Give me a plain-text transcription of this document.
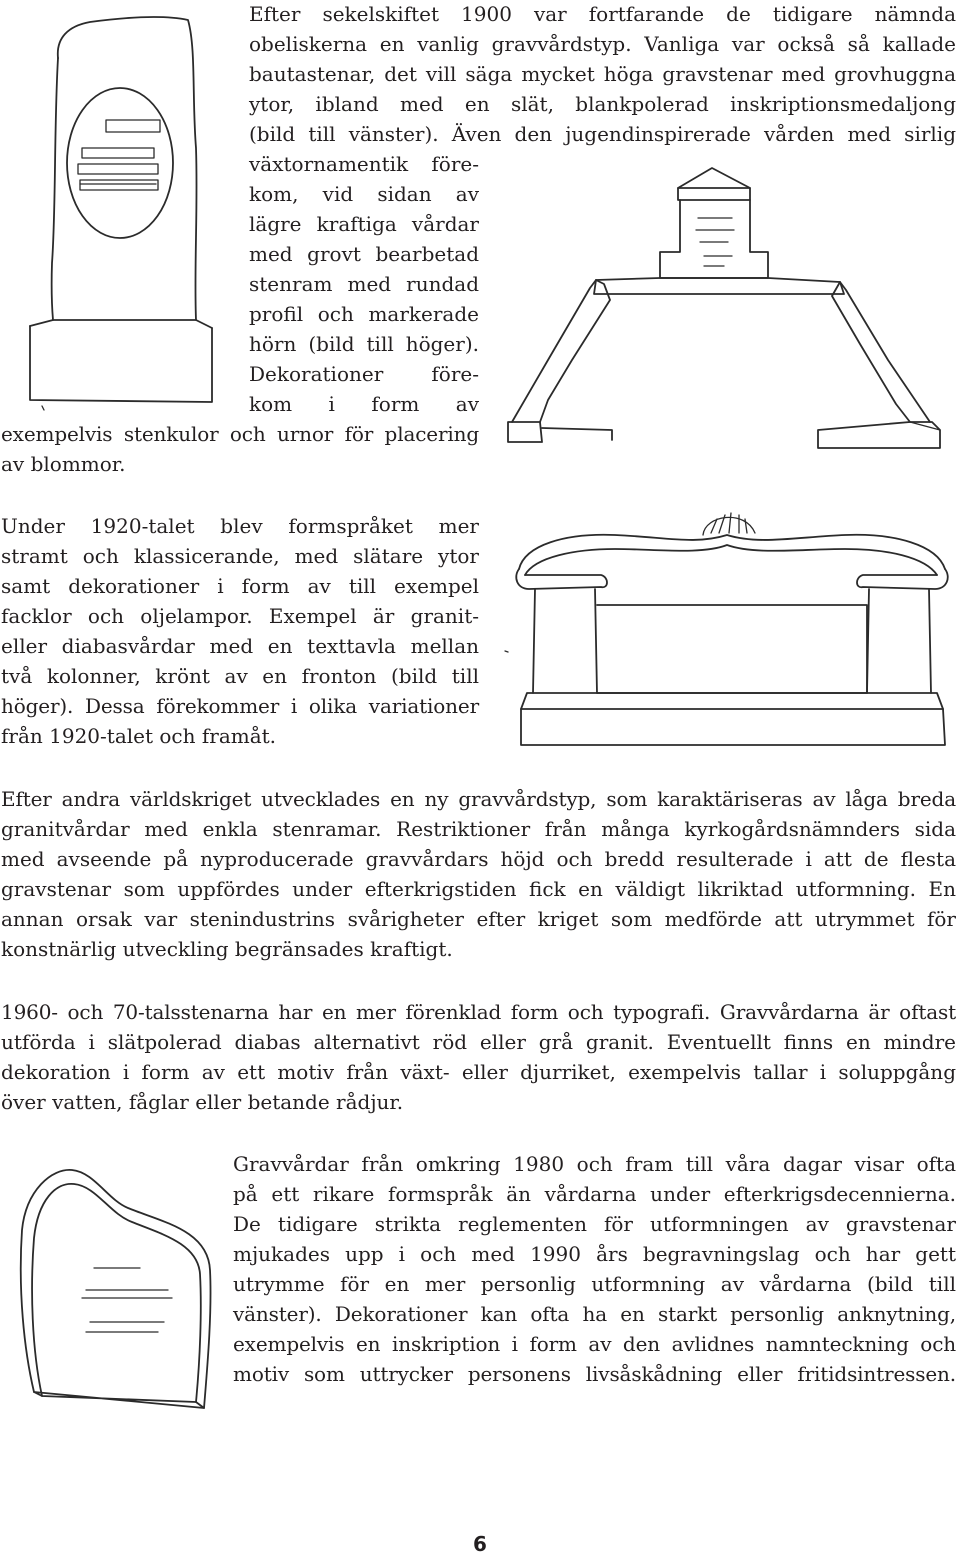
Efter sekelskiftet 1900 var fortfarande de tidigare nämnda

obeliskerna en vanlig gravvårdstyp. Vanliga var också så kallade

bautastenar, det vill säga mycket höga gravstenar med grovhuggna

ytor, ibland med en slät, blankpolerad inskriptionsmedaljong

(bild till vänster). Även den jugendinspirerade vården med sirlig

växtornamentik före-

kom, vid sidan av

lägre kraftiga vårdar

med grovt bearbetad

stenram med rundad

profil och markerade

hörn (bild till höger).

Dekorationer före-

kom i form av

exempelvis stenkulor och urnor för placering

av blommor.

Under 1920-talet blev formspråket mer

stramt och klassicerande, med slätare ytor

samt dekorationer i form av till exempel

facklor och oljelampor. Exempel är granit-

eller diabasvårdar med en texttavla mellan

två kolonner, krönt av en fronton (bild till

höger). Dessa förekommer i olika variationer

från 1920-talet och framåt.

Efter andra världskriget utvecklades en ny gravvårdstyp, som karaktäriseras av låga breda

granitvårdar med enkla stenramar. Restriktioner från många kyrkogårdsnämnders sida

med avseende på nyproducerade gravvårdars höjd och bredd resulterade i att de flesta

gravstenar som uppfördes under efterkrigstiden fick en väldigt likriktad utformning. En

annan orsak var stenindustrins svårigheter efter kriget som medförde att utrymmet för

konstnärlig utveckling begränsades kraftigt.

1960- och 70-talsstenarna har en mer förenklad form och typografi. Gravvårdarna är oftast

utförda i slätpolerad diabas alternativt röd eller grå granit. Eventuellt finns en mindre

dekoration i form av ett motiv från växt- eller djurriket, exempelvis tallar i soluppgång

över vatten, fåglar eller betande rådjur.

Gravvårdar från omkring 1980 och fram till våra dagar visar ofta

på ett rikare formspråk än vårdarna under efterkrigsdecennierna.

De tidigare strikta reglementen för utformningen av gravstenar

mjukades upp i och med 1990 års begravningslag och har gett

utrymme för en mer personlig utformning av vårdarna (bild till

vänster). Dekorationer kan ofta ha en starkt personlig anknytning,

exempelvis en inskription i form av den avlidnes namnteckning och

motiv som uttrycker personens livsåskådning eller fritidsintressen.

6
